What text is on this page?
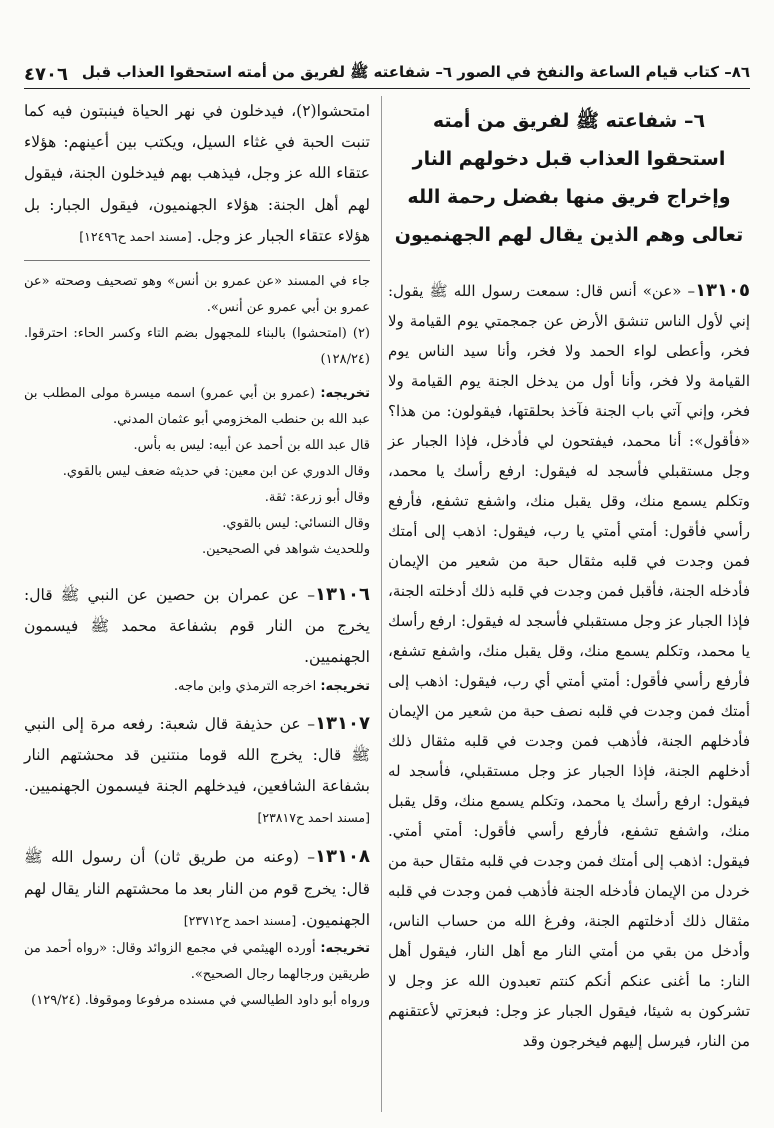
٨٦– كتاب قيام الساعة والنفخ في الصور ٦– شفاعته ﷺ لفريق من أمته استحقوا العذاب قبل
٤٧٠٦
٦– شفاعته ﷺ لفريق من أمته
استحقوا العذاب قبل دخولهم النار
وإخراج فريق منها بفضل رحمة الله
تعالى وهم الذين يقال لهم الجهنميون

١٣١٠٥– «عن» أنس قال: سمعت رسول الله ﷺ يقول: إني لأول الناس تنشق الأرض عن جمجمتي يوم القيامة ولا فخر، وأعطى لواء الحمد ولا فخر، وأنا سيد الناس يوم القيامة ولا فخر، وأنا أول من يدخل الجنة يوم القيامة ولا فخر، وإني آتي باب الجنة فآخذ بحلقتها، فيقولون: من هذا؟ «فأقول»: أنا محمد، فيفتحون لي فأدخل، فإذا الجبار عز وجل مستقبلي فأسجد له فيقول: ارفع رأسك يا محمد، وتكلم يسمع منك، وقل يقبل منك، واشفع تشفع، فأرفع رأسي فأقول: أمتي أمتي يا رب، فيقول: اذهب إلى أمتك فمن وجدت في قلبه مثقال حبة من شعير من الإيمان فأدخله الجنة، فأقبل فمن وجدت في قلبه ذلك أدخلته الجنة، فإذا الجبار عز وجل مستقبلي فأسجد له فيقول: ارفع رأسك يا محمد، وتكلم يسمع منك، وقل يقبل منك، واشفع تشفع، فأرفع رأسي فأقول: أمتي أمتي أي رب، فيقول: اذهب إلى أمتك فمن وجدت في قلبه نصف حبة من شعير من الإيمان فأدخلهم الجنة، فأذهب فمن وجدت في قلبه مثقال ذلك أدخلهم الجنة، فإذا الجبار عز وجل مستقبلي، فأسجد له فيقول: ارفع رأسك يا محمد، وتكلم يسمع منك، وقل يقبل منك، واشفع تشفع، فأرفع رأسي فأقول: أمتي أمتي. فيقول: اذهب إلى أمتك فمن وجدت في قلبه مثقال حبة من خردل من الإيمان فأدخله الجنة فأذهب فمن وجدت في قلبه مثقال ذلك أدخلتهم الجنة، وفرغ الله من حساب الناس، وأدخل من بقي من أمتي النار مع أهل النار، فيقول أهل النار: ما أغنى عنكم أنكم كنتم تعبدون الله عز وجل لا تشركون به شيئا، فيقول الجبار عز وجل: فبعزتي لأعتقنهم من النار، فيرسل إليهم فيخرجون وقد

امتحشوا(٢)، فيدخلون في نهر الحياة فينبتون فيه كما تنبت الحبة في غثاء السيل، ويكتب بين أعينهم: هؤلاء عتقاء الله عز وجل، فيذهب بهم فيدخلون الجنة، فيقول لهم أهل الجنة: هؤلاء الجهنميون، فيقول الجبار: بل هؤلاء عتقاء الجبار عز وجل. [مسند احمد ح١٢٤٩٦]

جاء في المسند «عن عمرو بن أنس» وهو تصحيف وصحته «عن عمرو بن أبي عمرو عن أنس».

(٢) (امتحشوا) بالبناء للمجهول بضم التاء وكسر الحاء: احترقوا. (١٢٨/٢٤)

تخريجه: (عمرو بن أبي عمرو) اسمه ميسرة مولى المطلب بن عبد الله بن حنطب المخزومي أبو عثمان المدني.

قال عبد الله بن أحمد عن أبيه: ليس به بأس.

وقال الدوري عن ابن معين: في حديثه ضعف ليس بالقوي.

وقال أبو زرعة: ثقة.

وقال النسائي: ليس بالقوي.

وللحديث شواهد في الصحيحين.

١٣١٠٦– عن عمران بن حصين عن النبي ﷺ قال: يخرج من النار قوم بشفاعة محمد ﷺ فيسمون الجهنميين.

تخريجه: اخرجه الترمذي وابن ماجه.

١٣١٠٧– عن حذيفة قال شعبة: رفعه مرة إلى النبي ﷺ قال: يخرج الله قوما منتنين قد محشتهم النار بشفاعة الشافعين، فيدخلهم الجنة فيسمون الجهنميين. [مسند احمد ح٢٣٨١٧]

١٣١٠٨– (وعنه من طريق ثان) أن رسول الله ﷺ قال: يخرج قوم من النار بعد ما محشتهم النار يقال لهم الجهنميون. [مسند احمد ح٢٣٧١٢]

تخريجه: أورده الهيثمي في مجمع الزوائد وقال: «رواه أحمد من طريقين ورجالهما رجال الصحيح».

ورواه أبو داود الطيالسي في مسنده مرفوعا وموقوفا. (١٢٩/٢٤)
